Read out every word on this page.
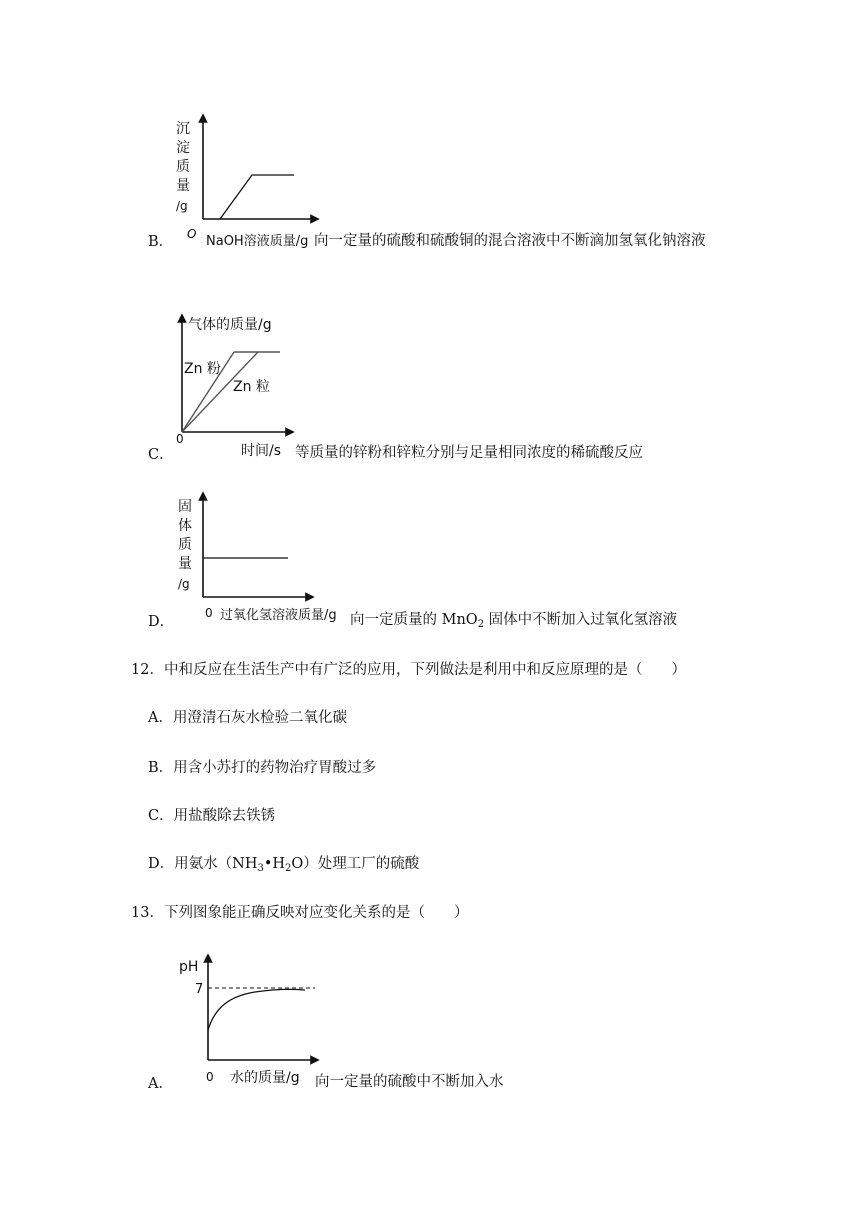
沉
淀
质
量
/g
O NaOH溶液质量/g
B．	向一定量的硫酸和硫酸铜的混合溶液中不断滴加氢氧化钠溶液
气体的质量/g
Zn 粉
Zn 粒
0
时间/s
C．	等质量的锌粉和锌粒分别与足量相同浓度的稀硫酸反应
固
体
质
量
/g
0 过氧化氢溶液质量/g
D．	向一定质量的 MnO$_2$ 固体中不断加入过氧化氢溶液
12．中和反应在生活生产中有广泛的应用，下列做法是利用中和反应原理的是（　　）
A．用澄清石灰水检验二氧化碳
B．用含小苏打的药物治疗胃酸过多
C．用盐酸除去铁锈
D．用氨水$(NH_3•H_2O)$处理工厂的硫酸
13．下列图象能正确反映对应变化关系的是（　　）
pH
7
0 水的质量/g
A．	向一定量的硫酸中不断加入水
